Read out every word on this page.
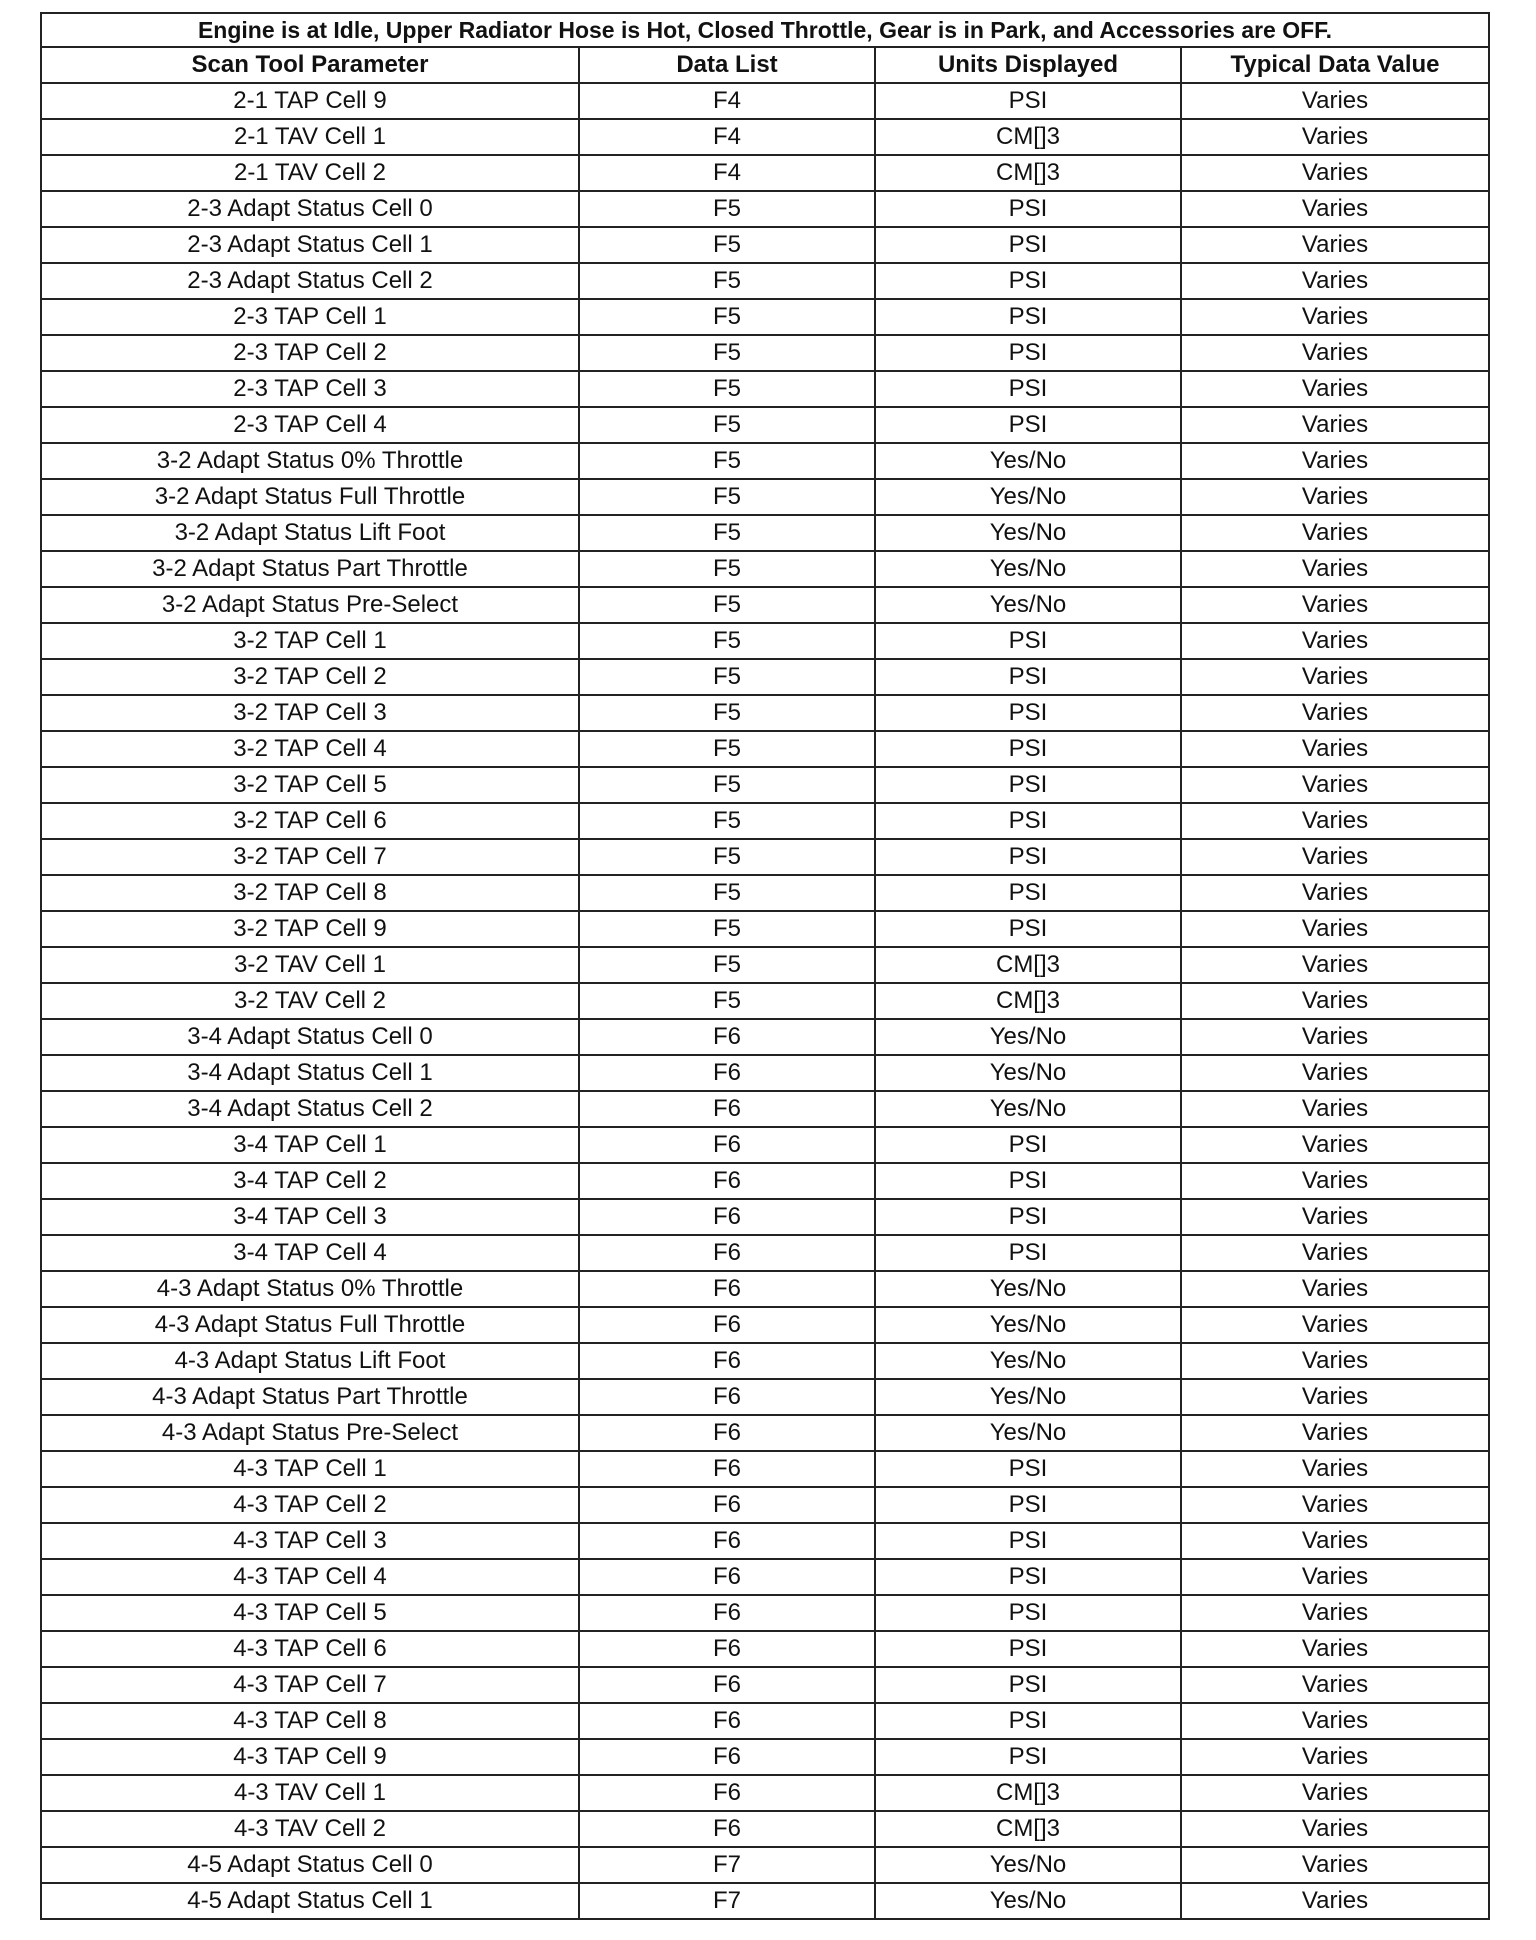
Engine is at Idle, Upper Radiator Hose is Hot, Closed Throttle, Gear is in Park, and Accessories are OFF.			
Scan Tool Parameter	Data List	Units Displayed	Typical Data Value
2-1 TAP Cell 9	F4	PSI	Varies
2-1 TAV Cell 1	F4	CM[]3	Varies
2-1 TAV Cell 2	F4	CM[]3	Varies
2-3 Adapt Status Cell 0	F5	PSI	Varies
2-3 Adapt Status Cell 1	F5	PSI	Varies
2-3 Adapt Status Cell 2	F5	PSI	Varies
2-3 TAP Cell 1	F5	PSI	Varies
2-3 TAP Cell 2	F5	PSI	Varies
2-3 TAP Cell 3	F5	PSI	Varies
2-3 TAP Cell 4	F5	PSI	Varies
3-2 Adapt Status 0% Throttle	F5	Yes/No	Varies
3-2 Adapt Status Full Throttle	F5	Yes/No	Varies
3-2 Adapt Status Lift Foot	F5	Yes/No	Varies
3-2 Adapt Status Part Throttle	F5	Yes/No	Varies
3-2 Adapt Status Pre-Select	F5	Yes/No	Varies
3-2 TAP Cell 1	F5	PSI	Varies
3-2 TAP Cell 2	F5	PSI	Varies
3-2 TAP Cell 3	F5	PSI	Varies
3-2 TAP Cell 4	F5	PSI	Varies
3-2 TAP Cell 5	F5	PSI	Varies
3-2 TAP Cell 6	F5	PSI	Varies
3-2 TAP Cell 7	F5	PSI	Varies
3-2 TAP Cell 8	F5	PSI	Varies
3-2 TAP Cell 9	F5	PSI	Varies
3-2 TAV Cell 1	F5	CM[]3	Varies
3-2 TAV Cell 2	F5	CM[]3	Varies
3-4 Adapt Status Cell 0	F6	Yes/No	Varies
3-4 Adapt Status Cell 1	F6	Yes/No	Varies
3-4 Adapt Status Cell 2	F6	Yes/No	Varies
3-4 TAP Cell 1	F6	PSI	Varies
3-4 TAP Cell 2	F6	PSI	Varies
3-4 TAP Cell 3	F6	PSI	Varies
3-4 TAP Cell 4	F6	PSI	Varies
4-3 Adapt Status 0% Throttle	F6	Yes/No	Varies
4-3 Adapt Status Full Throttle	F6	Yes/No	Varies
4-3 Adapt Status Lift Foot	F6	Yes/No	Varies
4-3 Adapt Status Part Throttle	F6	Yes/No	Varies
4-3 Adapt Status Pre-Select	F6	Yes/No	Varies
4-3 TAP Cell 1	F6	PSI	Varies
4-3 TAP Cell 2	F6	PSI	Varies
4-3 TAP Cell 3	F6	PSI	Varies
4-3 TAP Cell 4	F6	PSI	Varies
4-3 TAP Cell 5	F6	PSI	Varies
4-3 TAP Cell 6	F6	PSI	Varies
4-3 TAP Cell 7	F6	PSI	Varies
4-3 TAP Cell 8	F6	PSI	Varies
4-3 TAP Cell 9	F6	PSI	Varies
4-3 TAV Cell 1	F6	CM[]3	Varies
4-3 TAV Cell 2	F6	CM[]3	Varies
4-5 Adapt Status Cell 0	F7	Yes/No	Varies
4-5 Adapt Status Cell 1	F7	Yes/No	Varies
